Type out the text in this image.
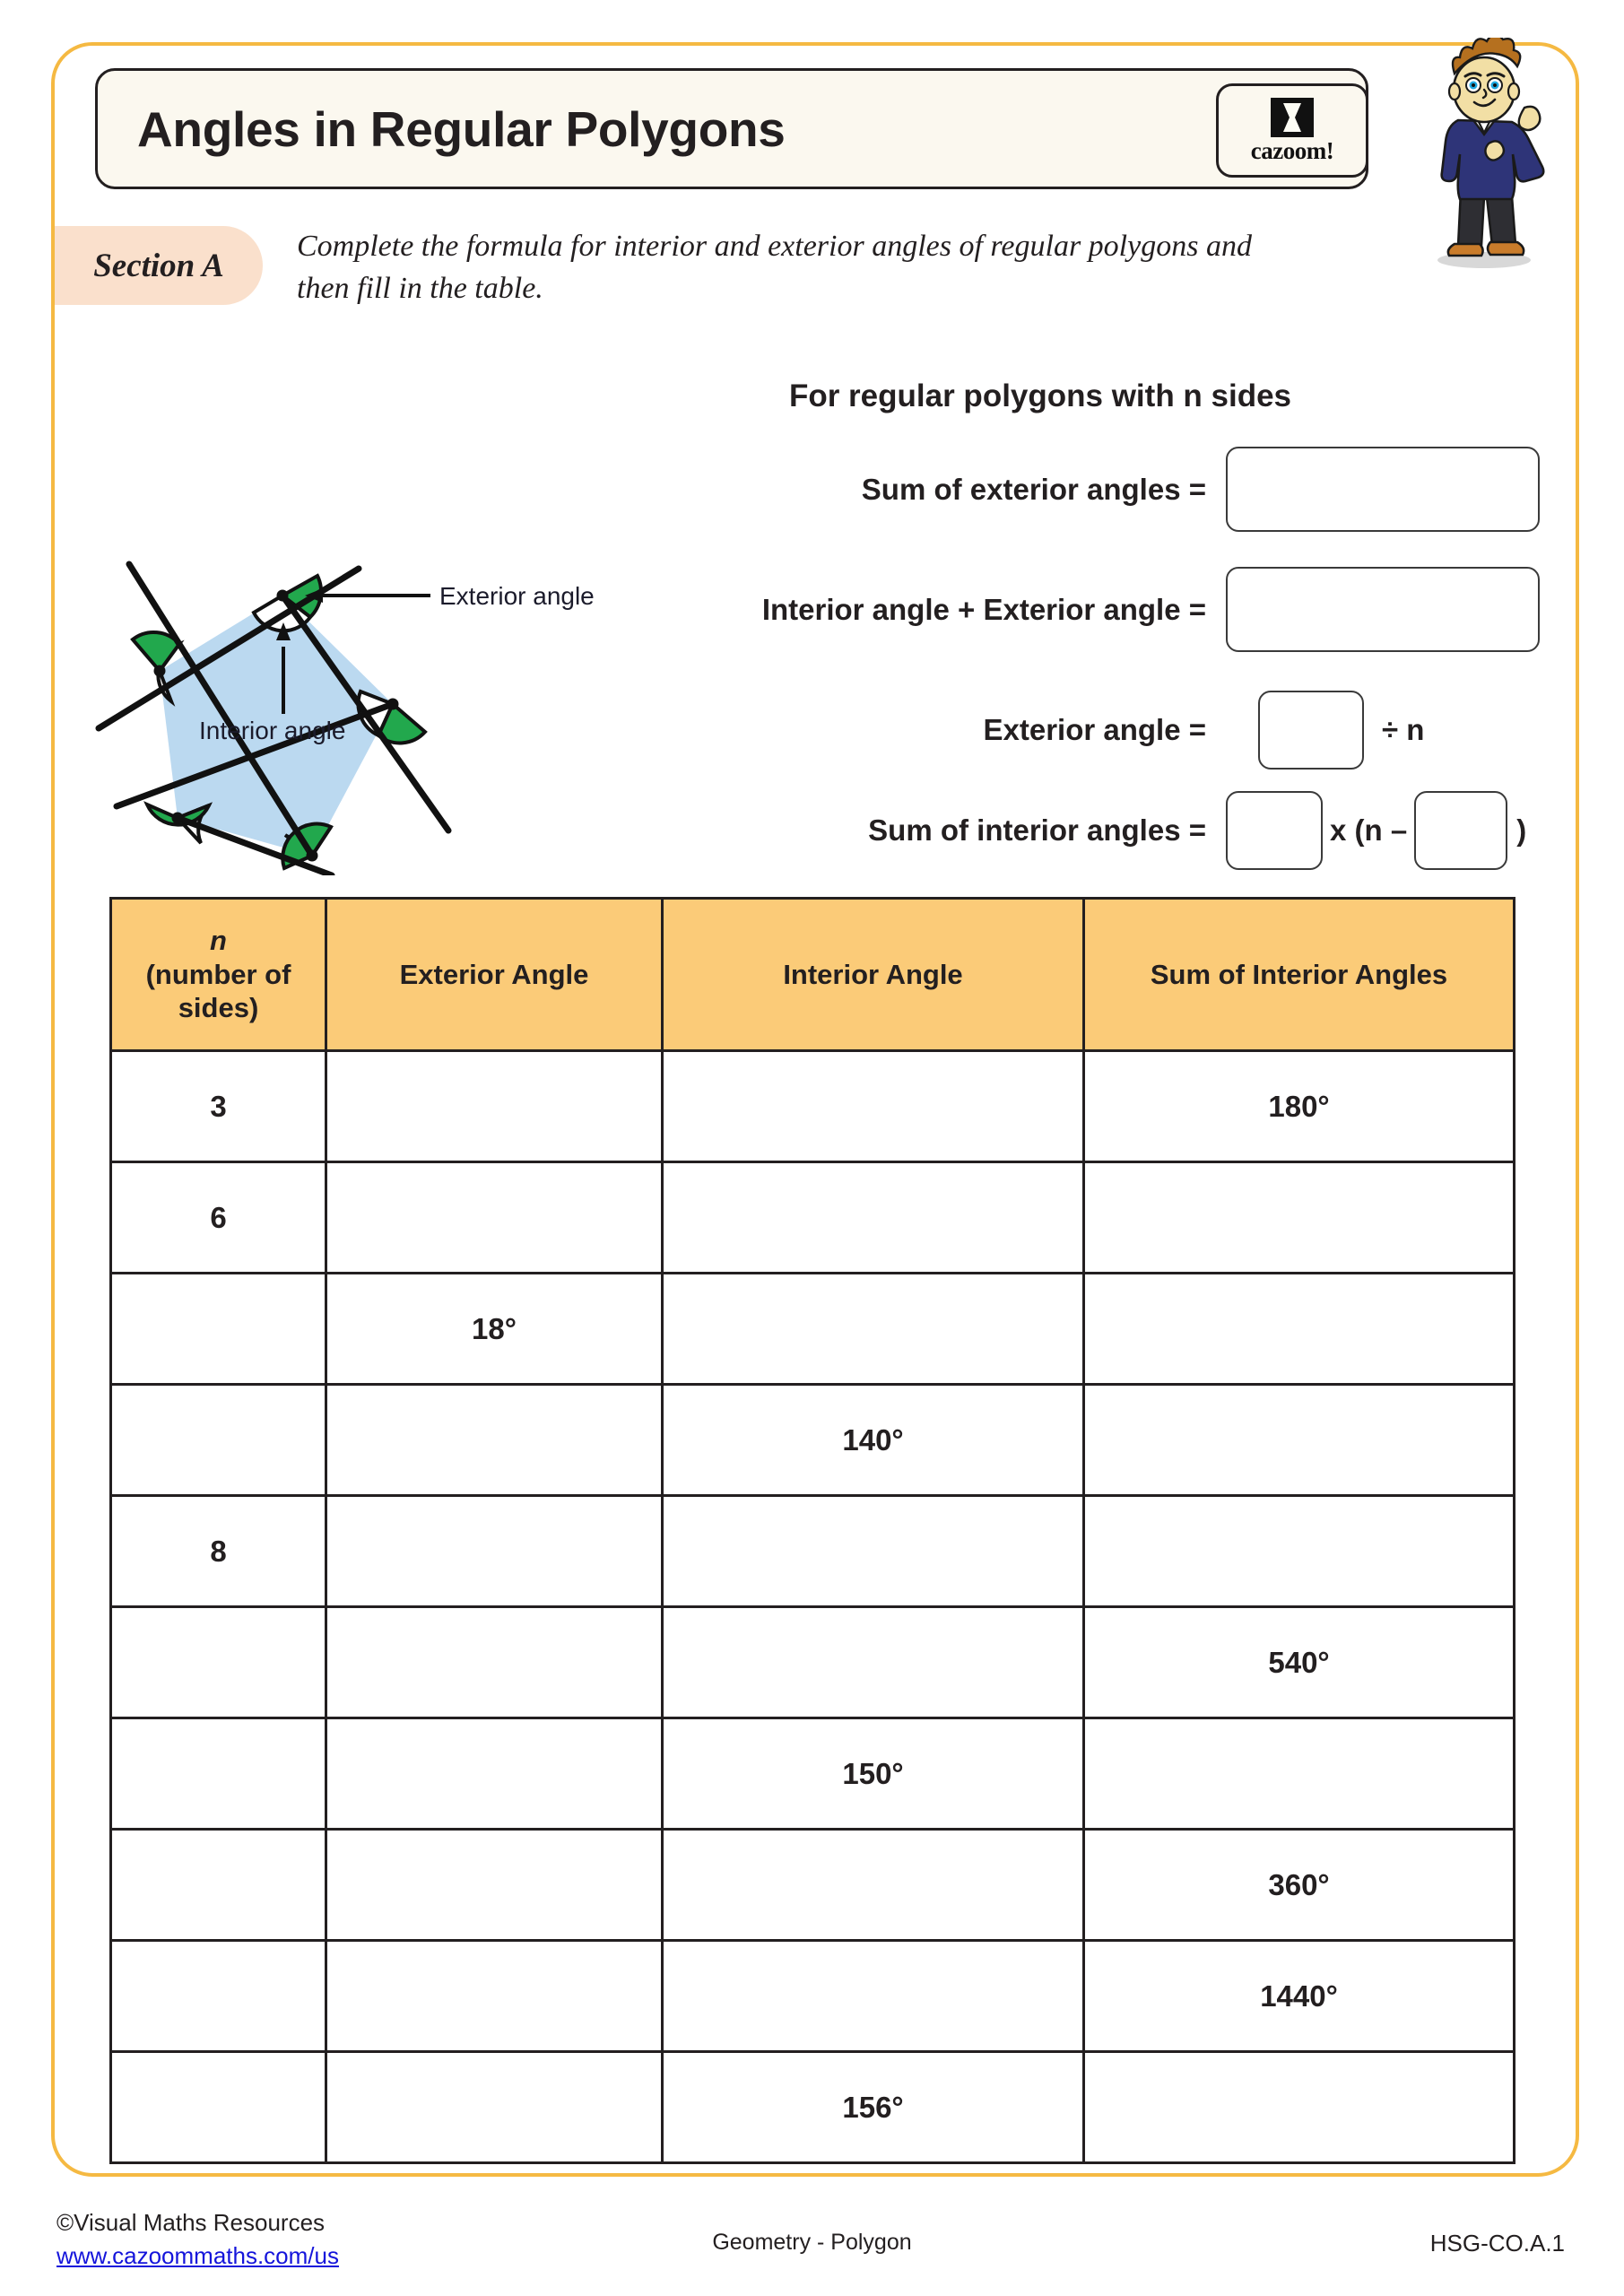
Angles in Regular Polygons	cazoom!
Section A
Complete the formula for interior and exterior angles of regular polygons and then fill in the table.
Exterior angle
Interior angle
For regular polygons with n sides
Sum of exterior angles =
Interior angle + Exterior angle =
Exterior angle =	÷ n
Sum of interior angles =	x (n –	)
n
(number of
sides)	Exterior Angle	Interior Angle	Sum of Interior Angles
3			180°
6			
	18°		
		140°	
8			
			540°
		150°	
			360°
			1440°
		156°	
©Visual Maths Resources
www.cazoommaths.com/us	Geometry - Polygon	HSG-CO.A.1
